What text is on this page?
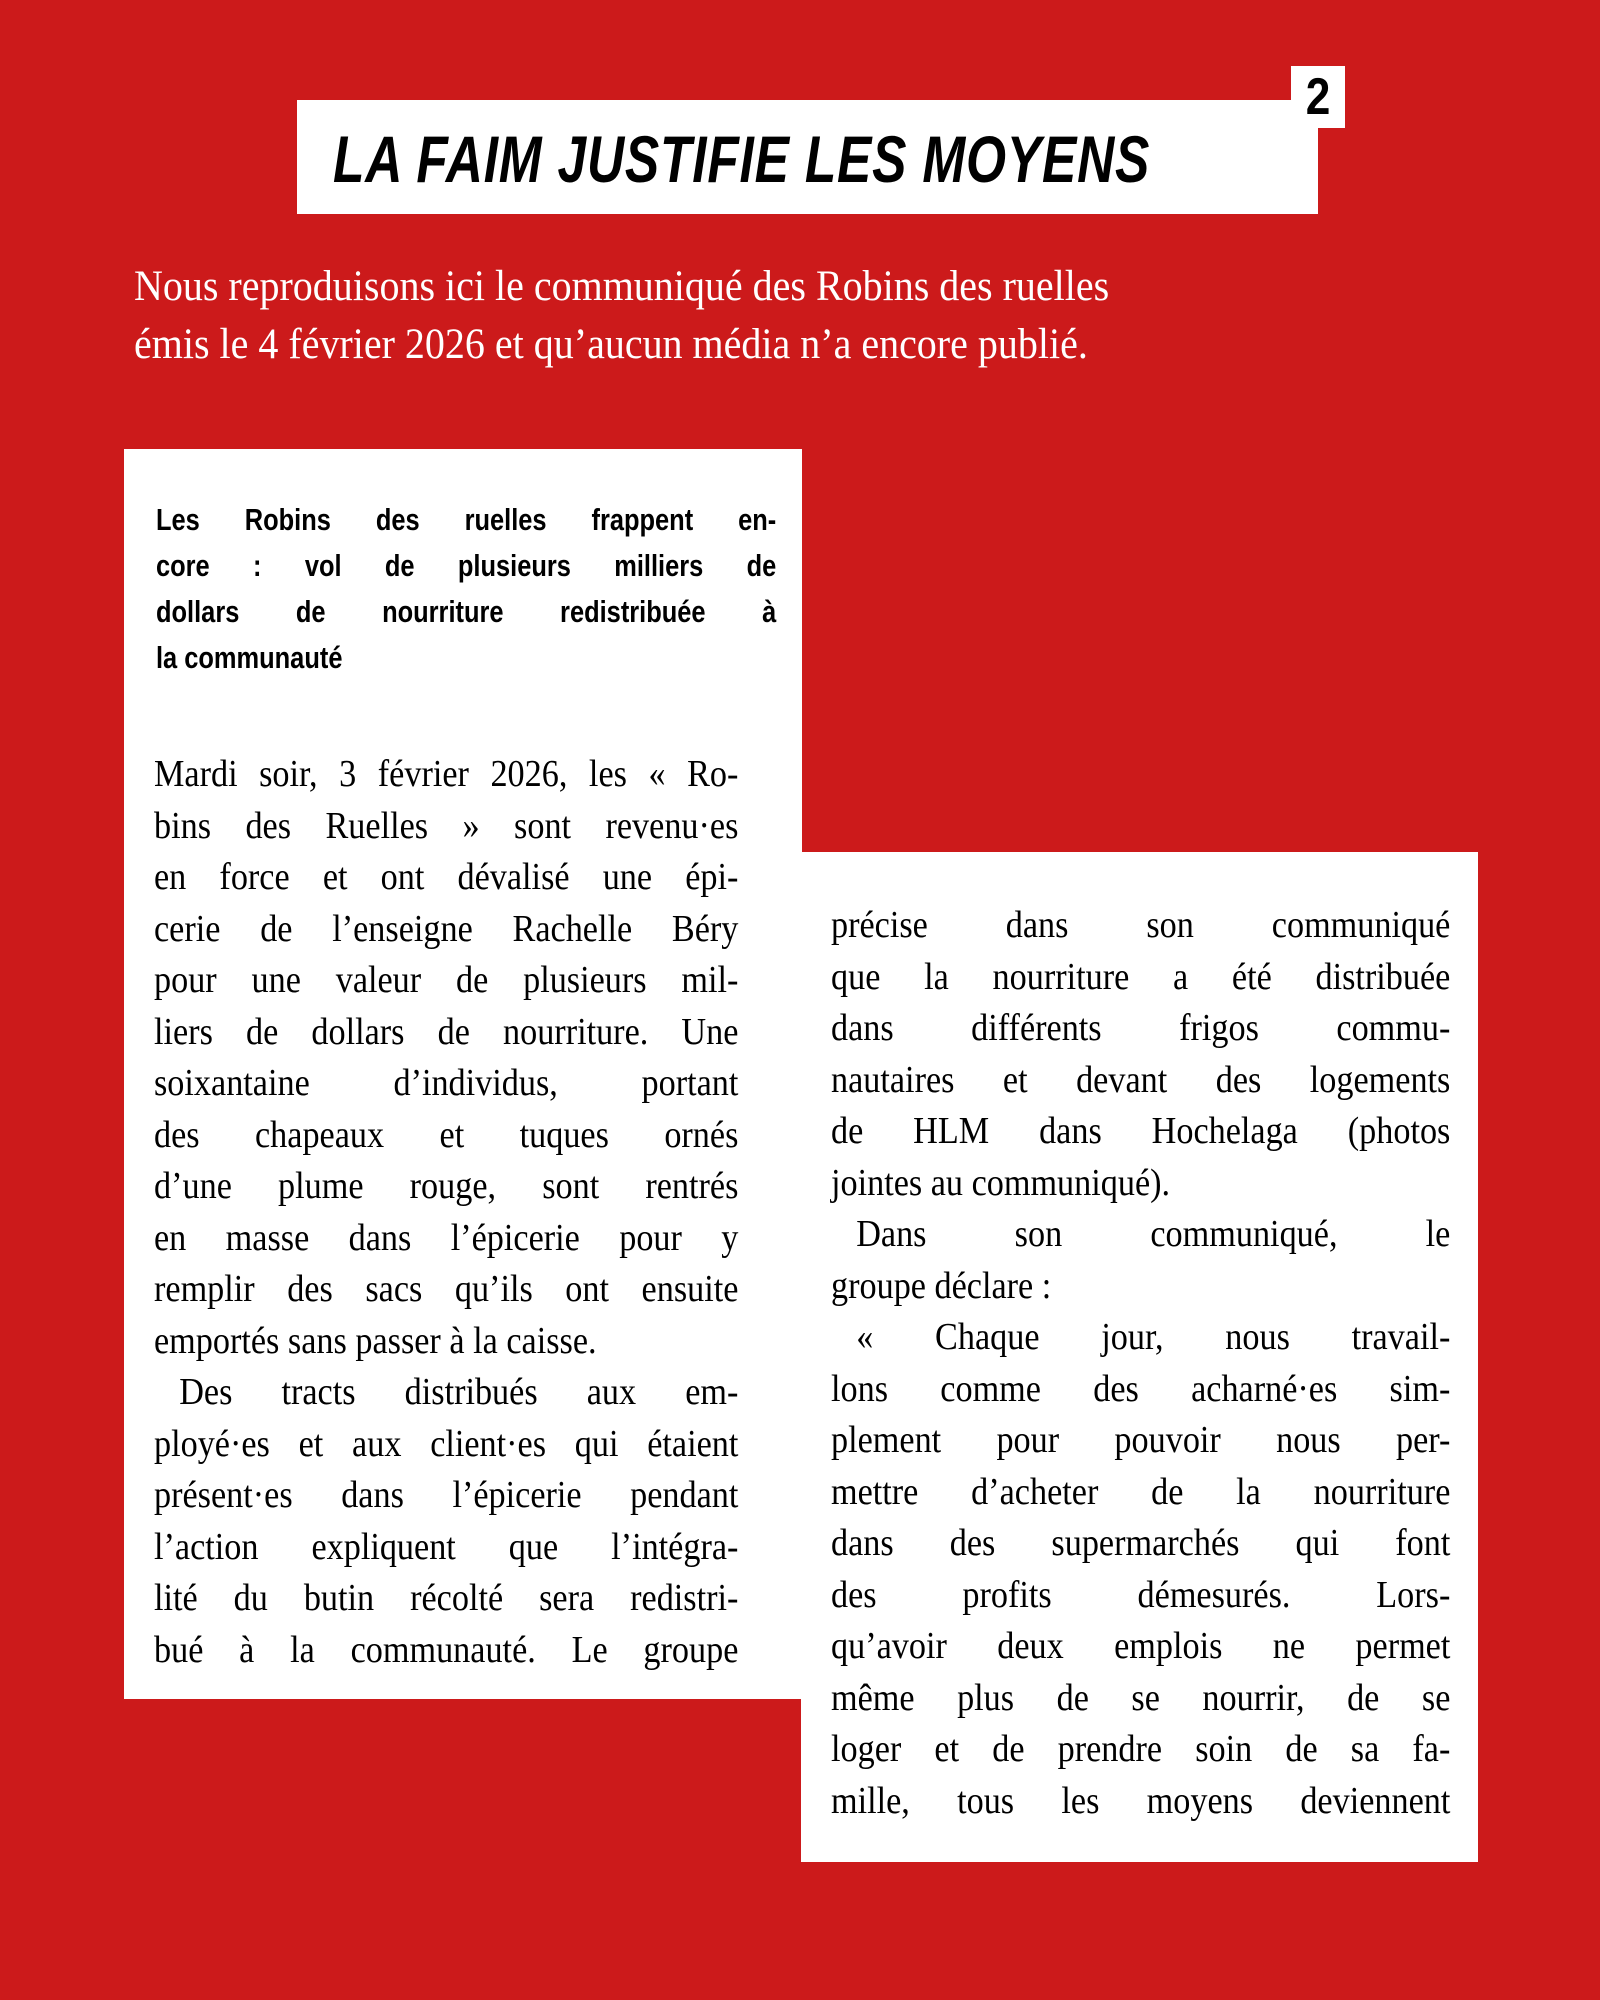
LA FAIM JUSTIFIE LES MOYENS
2
Nous reproduisons ici le communiqué des Robins des ruelles
émis le 4 février 2026 et qu’aucun média n’a encore publié.
Les Robins des ruelles frappent en-
core : vol de plusieurs milliers de
dollars de nourriture redistribuée à
la communauté
Mardi soir, 3 février 2026, les « Ro-
bins des Ruelles » sont revenu·es
en force et ont dévalisé une épi-
cerie de l’enseigne Rachelle Béry
pour une valeur de plusieurs mil-
liers de dollars de nourriture. Une
soixantaine d’individus, portant
des chapeaux et tuques ornés
d’une plume rouge, sont rentrés
en masse dans l’épicerie pour y
remplir des sacs qu’ils ont ensuite
emportés sans passer à la caisse.
Des tracts distribués aux em-
ployé·es et aux client·es qui étaient
présent·es dans l’épicerie pendant
l’action expliquent que l’intégra-
lité du butin récolté sera redistri-
bué à la communauté. Le groupe
précise dans son communiqué
que la nourriture a été distribuée
dans différents frigos commu-
nautaires et devant des logements
de HLM dans Hochelaga (photos
jointes au communiqué).
Dans son communiqué, le
groupe déclare :
« Chaque jour, nous travail-
lons comme des acharné·es sim-
plement pour pouvoir nous per-
mettre d’acheter de la nourriture
dans des supermarchés qui font
des profits démesurés. Lors-
qu’avoir deux emplois ne permet
même plus de se nourrir, de se
loger et de prendre soin de sa fa-
mille, tous les moyens deviennent
